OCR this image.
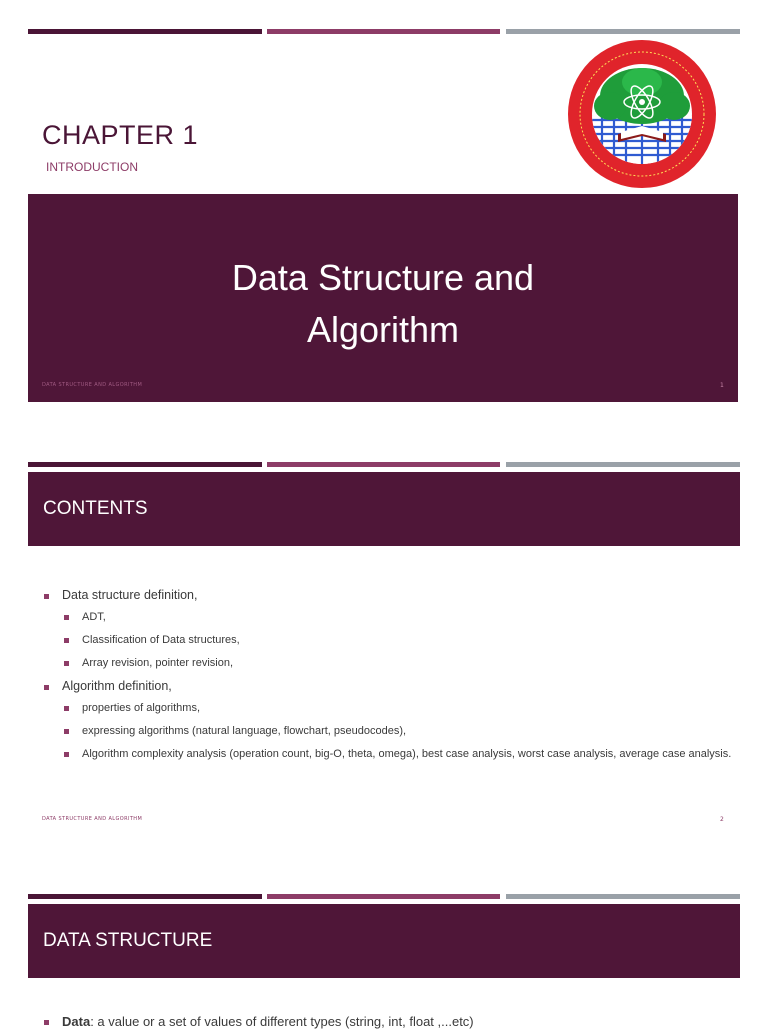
CHAPTER 1
INTRODUCTION
Data Structure and
Algorithm
DATA STRUCTURE AND ALGORITHM	1
CONTENTS
Data structure definition,
ADT,
Classification of Data structures,
Array revision, pointer revision,
Algorithm definition,
properties of algorithms,
expressing algorithms (natural language, flowchart, pseudocodes),
Algorithm complexity analysis (operation count, big-O, theta, omega), best case analysis, worst case analysis, average case analysis.
DATA STRUCTURE AND ALGORITHM	2
DATA STRUCTURE
Data: a value or a set of values of different types (string, int, float ,...etc)
